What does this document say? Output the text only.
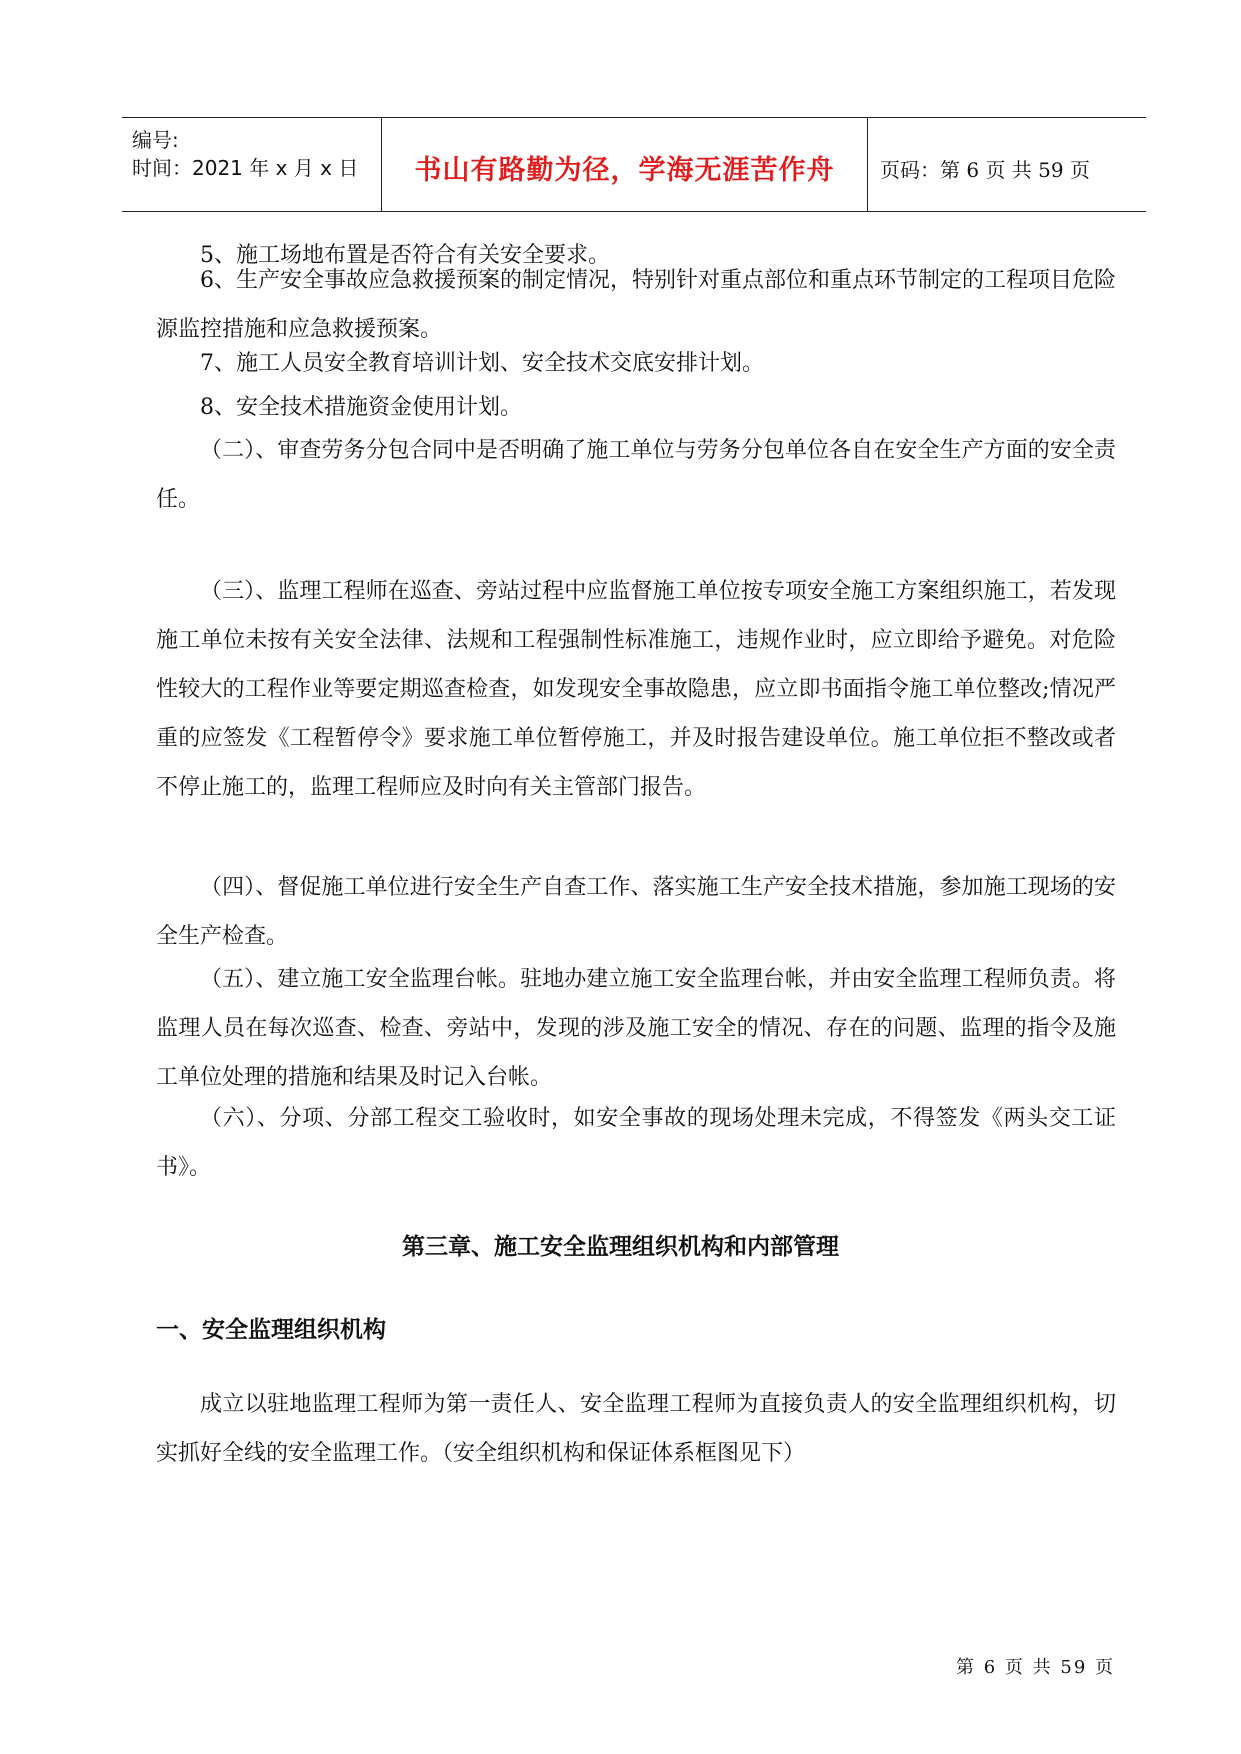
编号:
时间：2021 年 x 月 x 日	书山有路勤为径，学海无涯苦作舟	页码：第 6 页 共 59 页

5、施工场地布置是否符合有关安全要求。

6、生产安全事故应急救援预案的制定情况，特别针对重点部位和重点环节制定的工程项目危险源监控措施和应急救援预案。

7、施工人员安全教育培训计划、安全技术交底安排计划。

8、安全技术措施资金使用计划。

（二）、审查劳务分包合同中是否明确了施工单位与劳务分包单位各自在安全生产方面的安全责任。

（三）、监理工程师在巡查、旁站过程中应监督施工单位按专项安全施工方案组织施工，若发现施工单位未按有关安全法律、法规和工程强制性标准施工，违规作业时，应立即给予避免。对危险性较大的工程作业等要定期巡查检查，如发现安全事故隐患，应立即书面指令施工单位整改;情况严重的应签发《工程暂停令》要求施工单位暂停施工，并及时报告建设单位。施工单位拒不整改或者不停止施工的，监理工程师应及时向有关主管部门报告。

（四）、督促施工单位进行安全生产自查工作、落实施工生产安全技术措施，参加施工现场的安全生产检查。

（五）、建立施工安全监理台帐。驻地办建立施工安全监理台帐，并由安全监理工程师负责。将监理人员在每次巡查、检查、旁站中，发现的涉及施工安全的情况、存在的问题、监理的指令及施工单位处理的措施和结果及时记入台帐。

（六）、分项、分部工程交工验收时，如安全事故的现场处理未完成，不得签发《两头交工证书》。

第三章、施工安全监理组织机构和内部管理
一、安全监理组织机构

成立以驻地监理工程师为第一责任人、安全监理工程师为直接负责人的安全监理组织机构，切实抓好全线的安全监理工作。（安全组织机构和保证体系框图见下）

第 6 页 共 59 页
